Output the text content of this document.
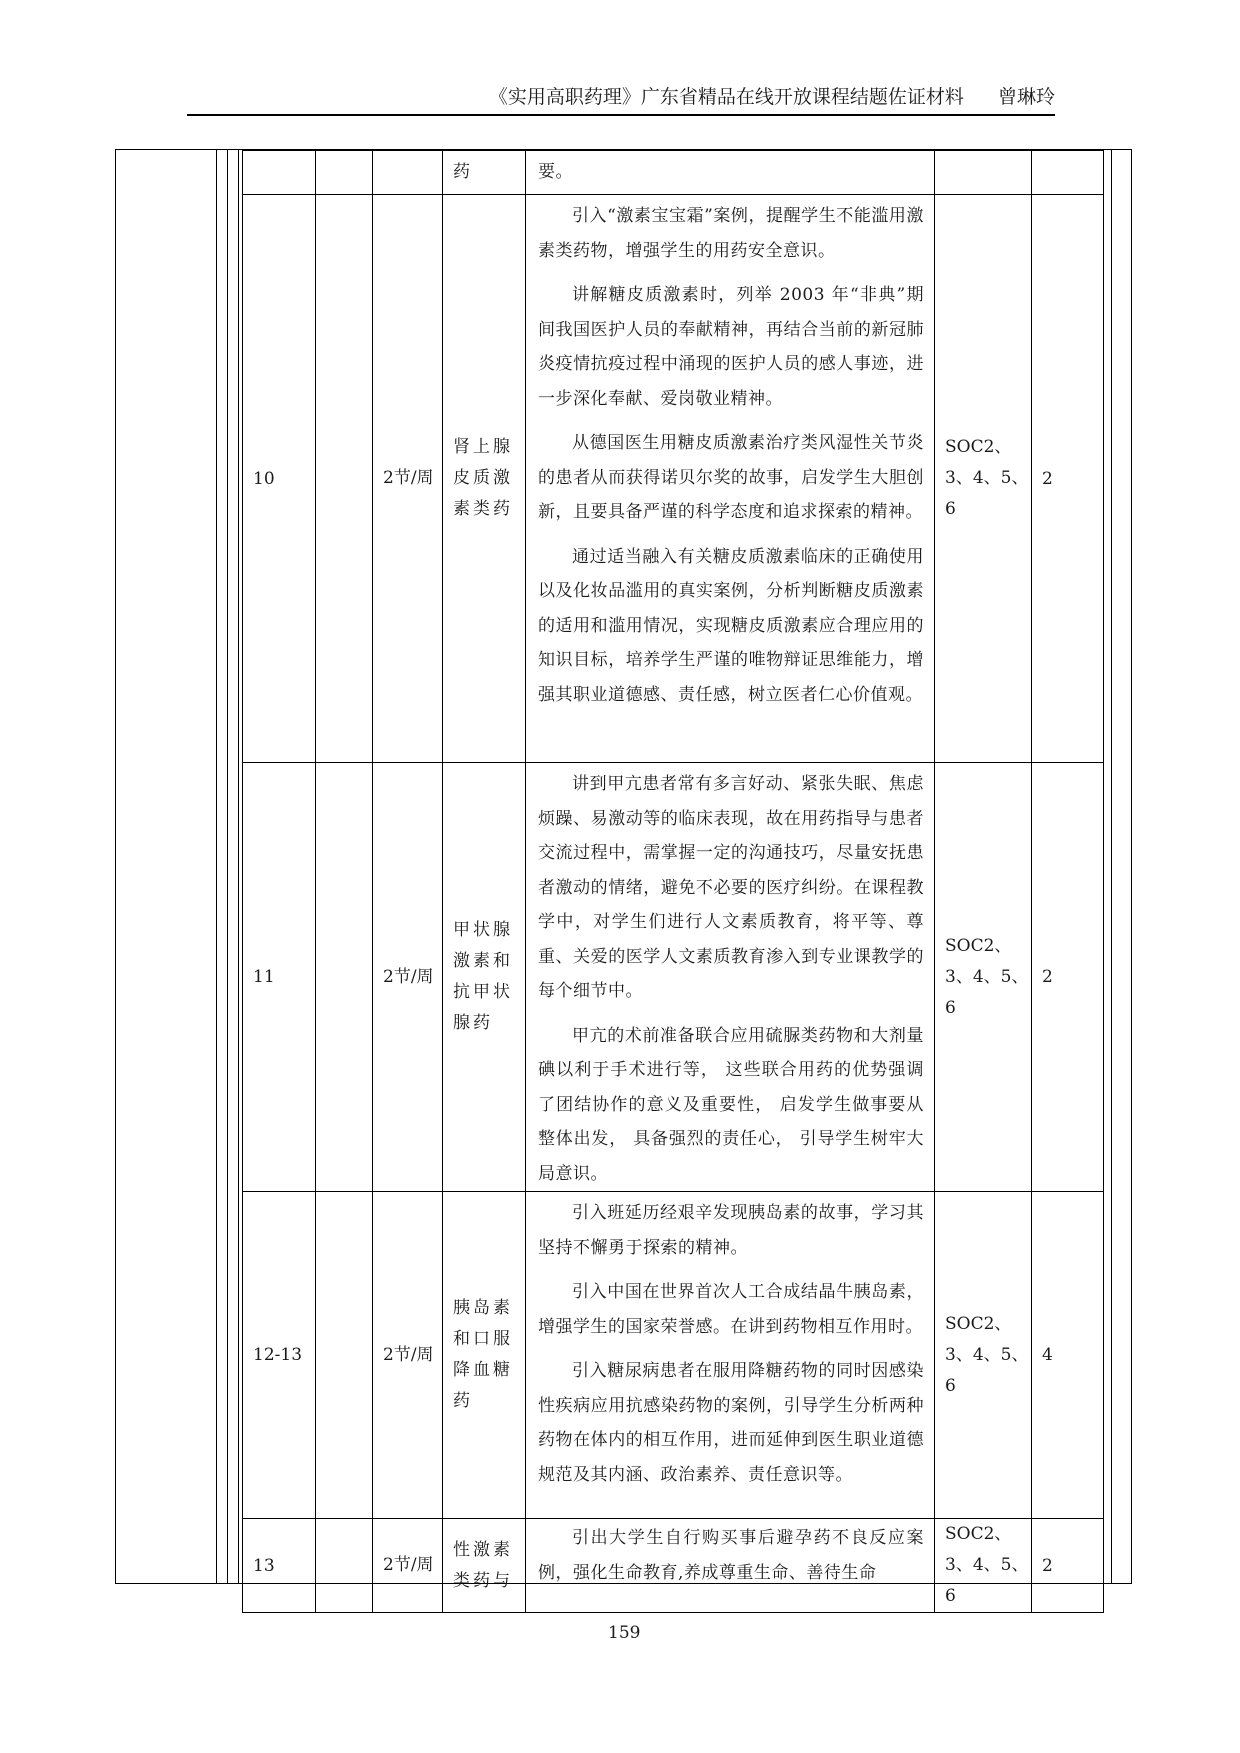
《实用高职药理》广东省精品在线开放课程结题佐证材料 曾琳玲
			药	要。		

10		2节/周	肾上腺皮质激素类药	引入“激素宝宝霜”案例，提醒学生不能滥用激素类药物，增强学生的用药安全意识。

讲解糖皮质激素时，列举 2003 年“非典”期间我国医护人员的奉献精神，再结合当前的新冠肺炎疫情抗疫过程中涌现的医护人员的感人事迹，进一步深化奉献、爱岗敬业精神。

从德国医生用糖皮质激素治疗类风湿性关节炎的患者从而获得诺贝尔奖的故事，启发学生大胆创新，且要具备严谨的科学态度和追求探索的精神。

通过适当融入有关糖皮质激素临床的正确使用以及化妆品滥用的真实案例，分析判断糖皮质激素的适用和滥用情况，实现糖皮质激素应合理应用的知识目标，培养学生严谨的唯物辩证思维能力，增强其职业道德感、责任感，树立医者仁心价值观。	SOC2、3、4、5、6	2
11		2节/周	甲状腺激素和抗甲状腺药	讲到甲亢患者常有多言好动、紧张失眠、焦虑烦躁、易激动等的临床表现，故在用药指导与患者交流过程中，需掌握一定的沟通技巧，尽量安抚患者激动的情绪，避免不必要的医疗纠纷。在课程教学中，对学生们进行人文素质教育，将平等、尊重、关爱的医学人文素质教育渗入到专业课教学的每个细节中。

甲亢的术前准备联合应用硫脲类药物和大剂量碘以利于手术进行等， 这些联合用药的优势强调了团结协作的意义及重要性， 启发学生做事要从整体出发， 具备强烈的责任心， 引导学生树牢大局意识。	SOC2、3、4、5、6	2
12-13		2节/周	胰岛素和口服降血糖药	引入班延历经艰辛发现胰岛素的故事，学习其坚持不懈勇于探索的精神。

引入中国在世界首次人工合成结晶牛胰岛素，增强学生的国家荣誉感。在讲到药物相互作用时。

引入糖尿病患者在服用降糖药物的同时因感染性疾病应用抗感染药物的案例，引导学生分析两种药物在体内的相互作用，进而延伸到医生职业道德规范及其内涵、政治素养、责任意识等。	SOC2、3、4、5、6	4
13		2节/周	性激素类药与	引出大学生自行购买事后避孕药不良反应案例，强化生命教育,养成尊重生命、善待生命	SOC2、3、4、5、6	2
159
